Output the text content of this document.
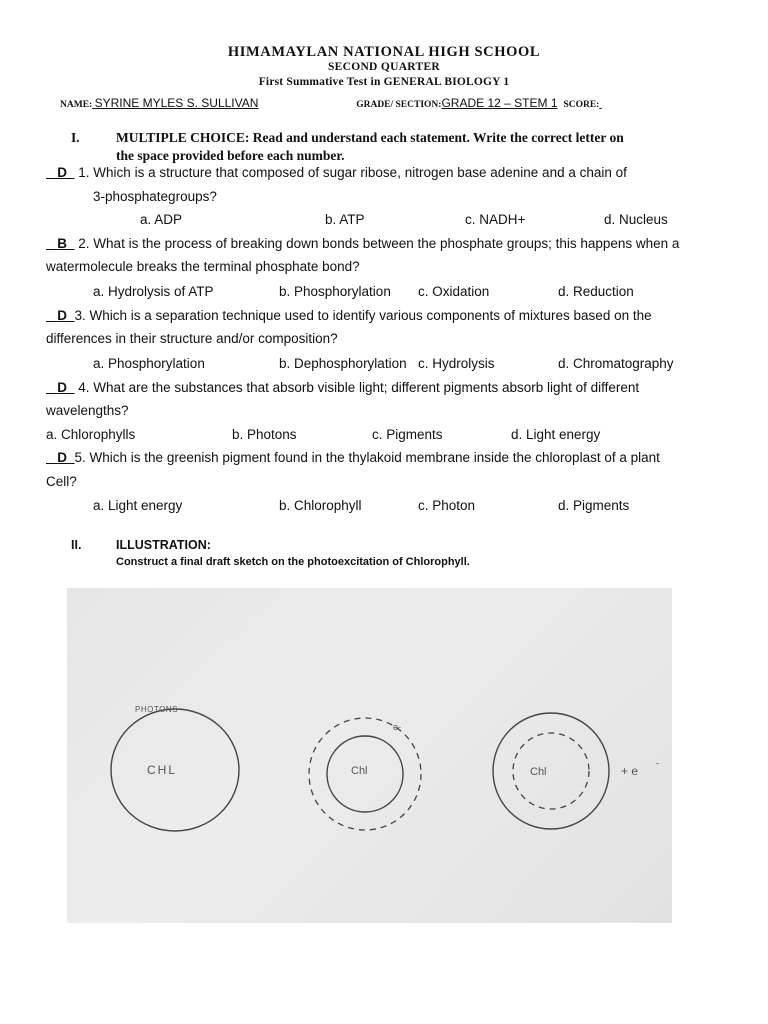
HIMAMAYLAN NATIONAL HIGH SCHOOL
SECOND QUARTER
First Summative Test in GENERAL BIOLOGY 1
NAME: SYRINE MYLES S. SULLIVAN	GRADE/ SECTION:GRADE 12 – STEM 1 SCORE:
I.	MULTIPLE CHOICE: Read and understand each statement. Write the correct letter on
the space provided before each number.
D 1. Which is a structure that composed of sugar ribose, nitrogen base adenine and a chain of
3-phosphategroups?
a. ADP	b. ATP	c. NADH+	d. Nucleus
B 2. What is the process of breaking down bonds between the phosphate groups; this happens when a
watermolecule breaks the terminal phosphate bond?
a. Hydrolysis of ATP	b. Phosphorylation c. Oxidation	d. Reduction
D 3. Which is a separation technique used to identify various components of mixtures based on the
differences in their structure and/or composition?
a. Phosphorylation	b. Dephosphorylation c. Hydrolysis	d. Chromatography
D 4. What are the substances that absorb visible light; different pigments absorb light of different
wavelengths?
a. Chlorophylls	b. Photons	c. Pigments	d. Light energy
D 5. Which is the greenish pigment found in the thylakoid membrane inside the chloroplast of a plant
Cell?
a. Light energy	b. Chlorophyll	c. Photon	d. Pigments
II.	ILLUSTRATION:
Construct a final draft sketch on the photoexcitation of Chlorophyll.
PHOTONS
CHL	Chl
e-
Chl	+ e
-
